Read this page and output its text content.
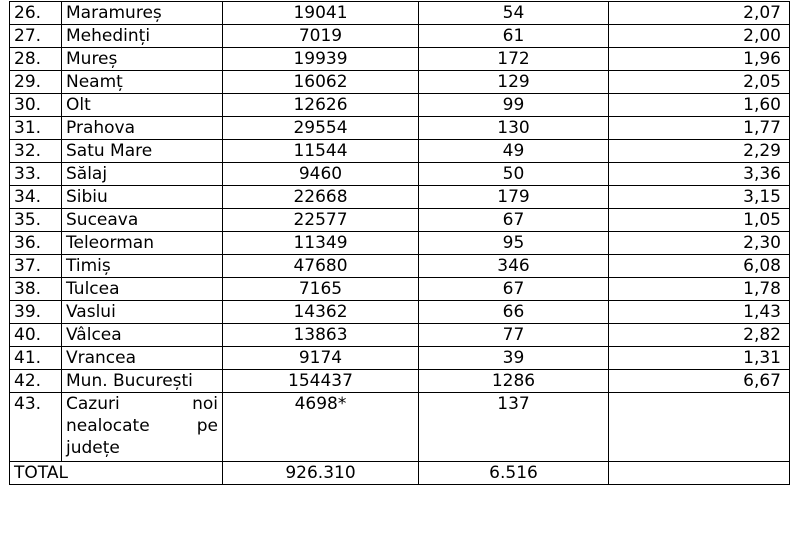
26.	Maramureș	19041	54	2,07
27.	Mehedinți	7019	61	2,00
28.	Mureș	19939	172	1,96
29.	Neamț	16062	129	2,05
30.	Olt	12626	99	1,60
31.	Prahova	29554	130	1,77
32.	Satu Mare	11544	49	2,29
33.	Sălaj	9460	50	3,36
34.	Sibiu	22668	179	3,15
35.	Suceava	22577	67	1,05
36.	Teleorman	11349	95	2,30
37.	Timiș	47680	346	6,08
38.	Tulcea	7165	67	1,78
39.	Vaslui	14362	66	1,43
40.	Vâlcea	13863	77	2,82
41.	Vrancea	9174	39	1,31
42.	Mun. București	154437	1286	6,67
43.	Cazuri noi
nealocate pe
județe	4698*	137	
TOTAL		926.310	6.516	
